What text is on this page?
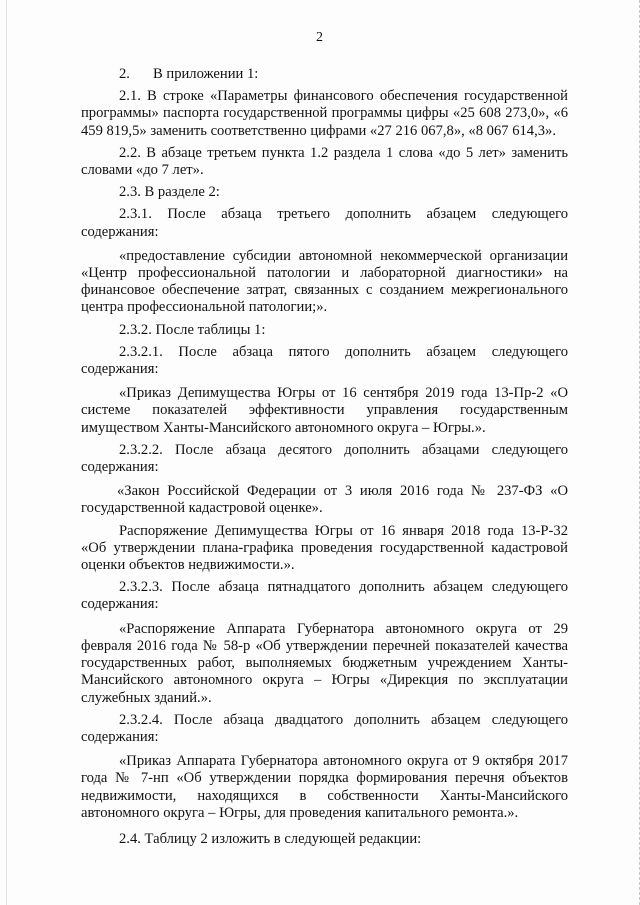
2

2. В приложении 1:

2.1. В строке «Параметры финансового обеспечения государственной программы» паспорта государственной программы цифры «25 608 273,0», «6 459 819,5» заменить соответственно цифрами «27 216 067,8», «8 067 614,3».

2.2. В абзаце третьем пункта 1.2 раздела 1 слова «до 5 лет» заменить словами «до 7 лет».

2.3. В разделе 2:

2.3.1. После абзаца третьего дополнить абзацем следующего содержания:

«предоставление субсидии автономной некоммерческой организации «Центр профессиональной патологии и лабораторной диагностики» на финансовое обеспечение затрат, связанных с созданием межрегионального центра профессиональной патологии;».

2.3.2. После таблицы 1:

2.3.2.1. После абзаца пятого дополнить абзацем следующего содержания:

«Приказ Депимущества Югры от 16 сентября 2019 года 13-Пр-2 «О системе показателей эффективности управления государственным имуществом Ханты-Мансийского автономного округа – Югры.».

2.3.2.2. После абзаца десятого дополнить абзацами следующего содержания:

«Закон Российской Федерации от 3 июля 2016 года № 237-ФЗ «О государственной кадастровой оценке».

Распоряжение Депимущества Югры от 16 января 2018 года 13-Р-32 «Об утверждении плана-графика проведения государственной кадастровой оценки объектов недвижимости.».

2.3.2.3. После абзаца пятнадцатого дополнить абзацем следующего содержания:

«Распоряжение Аппарата Губернатора автономного округа от 29 февраля 2016 года № 58-р «Об утверждении перечней показателей качества государственных работ, выполняемых бюджетным учреждением Ханты-Мансийского автономного округа – Югры «Дирекция по эксплуатации служебных зданий.».

2.3.2.4. После абзаца двадцатого дополнить абзацем следующего содержания:

«Приказ Аппарата Губернатора автономного округа от 9 октября 2017 года № 7-нп «Об утверждении порядка формирования перечня объектов недвижимости, находящихся в собственности Ханты-Мансийского автономного округа – Югры, для проведения капитального ремонта.».

2.4. Таблицу 2 изложить в следующей редакции:
